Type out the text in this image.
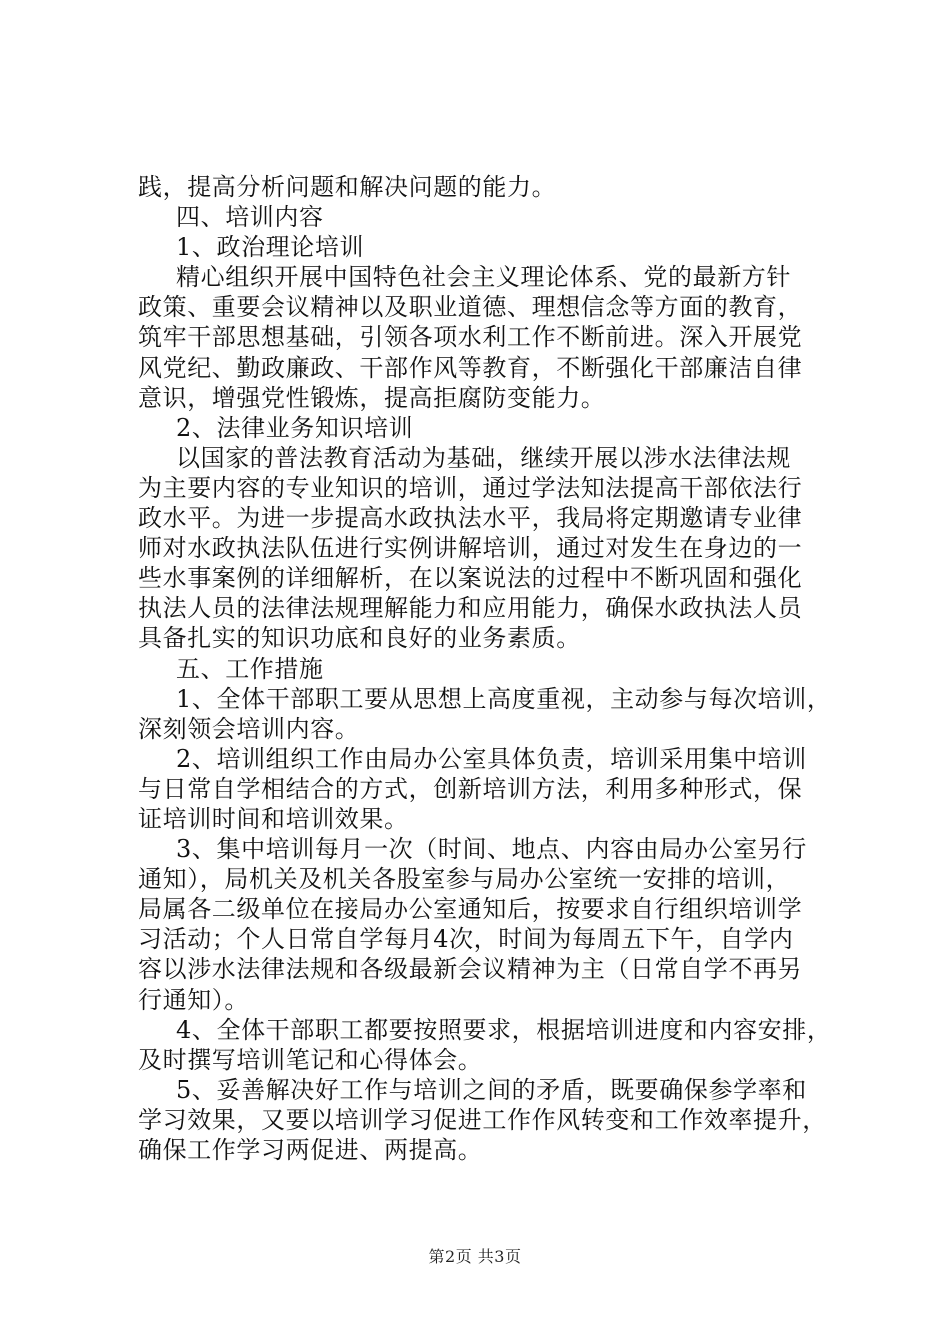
践，提高分析问题和解决问题的能力。
四、培训内容
1、政治理论培训
精心组织开展中国特色社会主义理论体系、党的最新方针
政策、重要会议精神以及职业道德、理想信念等方面的教育，
筑牢干部思想基础，引领各项水利工作不断前进。深入开展党
风党纪、勤政廉政、干部作风等教育，不断强化干部廉洁自律
意识，增强党性锻炼，提高拒腐防变能力。
2、法律业务知识培训
以国家的普法教育活动为基础，继续开展以涉水法律法规
为主要内容的专业知识的培训，通过学法知法提高干部依法行
政水平。为进一步提高水政执法水平，我局将定期邀请专业律
师对水政执法队伍进行实例讲解培训，通过对发生在身边的一
些水事案例的详细解析，在以案说法的过程中不断巩固和强化
执法人员的法律法规理解能力和应用能力，确保水政执法人员
具备扎实的知识功底和良好的业务素质。
五、工作措施
1、全体干部职工要从思想上高度重视，主动参与每次培训，
深刻领会培训内容。
2、培训组织工作由局办公室具体负责，培训采用集中培训
与日常自学相结合的方式，创新培训方法，利用多种形式，保
证培训时间和培训效果。
3、集中培训每月一次（时间、地点、内容由局办公室另行
通知），局机关及机关各股室参与局办公室统一安排的培训，
局属各二级单位在接局办公室通知后，按要求自行组织培训学
习活动；个人日常自学每月4次，时间为每周五下午，自学内
容以涉水法律法规和各级最新会议精神为主（日常自学不再另
行通知）。
4、全体干部职工都要按照要求，根据培训进度和内容安排，
及时撰写培训笔记和心得体会。
5、妥善解决好工作与培训之间的矛盾，既要确保参学率和
学习效果，又要以培训学习促进工作作风转变和工作效率提升，
确保工作学习两促进、两提高。
第2页 共3页
